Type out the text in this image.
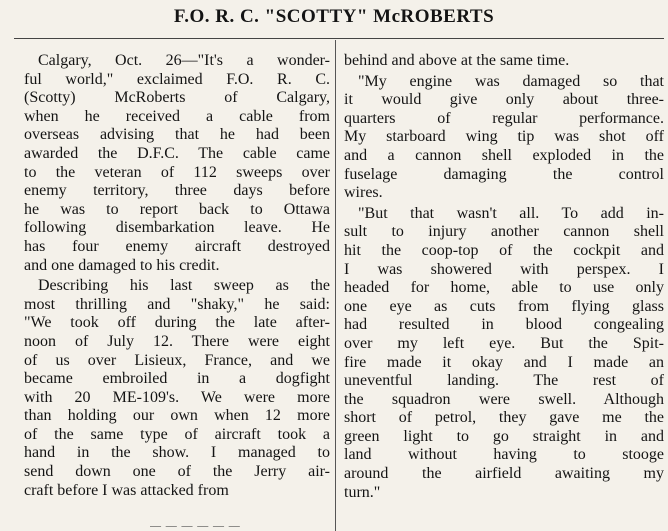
F.O. R. C. "SCOTTY" McROBERTS
Calgary, Oct. 26—"It's a wonder-
ful world," exclaimed F.O. R. C.
(Scotty) McRoberts of Calgary,
when he received a cable from
overseas advising that he had been
awarded the D.F.C. The cable came
to the veteran of 112 sweeps over
enemy territory, three days before
he was to report back to Ottawa
following disembarkation leave. He
has four enemy aircraft destroyed
and one damaged to his credit.
Describing his last sweep as the
most thrilling and "shaky," he said:
"We took off during the late after-
noon of July 12. There were eight
of us over Lisieux, France, and we
became embroiled in a dogfight
with 20 ME-109's. We were more
than holding our own when 12 more
of the same type of aircraft took a
hand in the show. I managed to
send down one of the Jerry air-
craft before I was attacked from
behind and above at the same time.
"My engine was damaged so that
it would give only about three-
quarters of regular performance.
My starboard wing tip was shot off
and a cannon shell exploded in the
fuselage damaging the control
wires.
"But that wasn't all. To add in-
sult to injury another cannon shell
hit the coop-top of the cockpit and
I was showered with perspex. I
headed for home, able to use only
one eye as cuts from flying glass
had resulted in blood congealing
over my left eye. But the Spit-
fire made it okay and I made an
uneventful landing. The rest of
the squadron were swell. Although
short of petrol, they gave me the
green light to go straight in and
land without having to stooge
around the airfield awaiting my
turn."
— — — — — —
